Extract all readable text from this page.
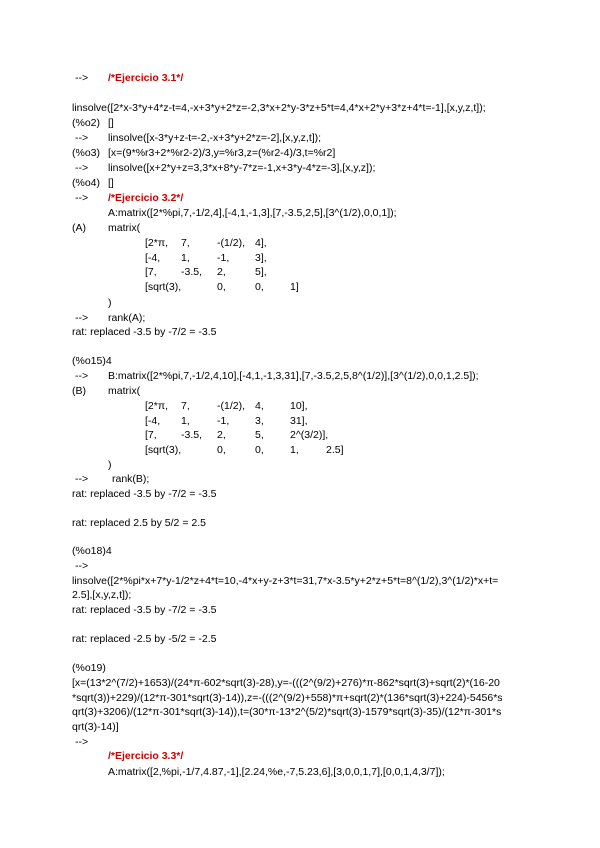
--> /*Ejercicio 3.1*/
linsolve([2*x-3*y+4*z-t=4,-x+3*y+2*z=-2,3*x+2*y-3*z+5*t=4,4*x+2*y+3*z+4*t=-1],[x,y,z,t]);
(%o2) []
--> linsolve([x-3*y+z-t=-2,-x+3*y+2*z=-2],[x,y,z,t]);
(%o3) [x=(9*%r3+2*%r2-2)/3,y=%r3,z=(%r2-4)/3,t=%r2]
--> linsolve([x+2*y+z=3,3*x+8*y-7*z=-1,x+3*y-4*z=-3],[x,y,z]);
(%o4) []
--> /*Ejercicio 3.2*/
A:matrix([2*%pi,7,-1/2,4],[-4,1,-1,3],[7,-3.5,2,5],[3^(1/2),0,0,1]);
(A) matrix(
[2*π, 7,	-(1/2), 4],
[-4, 1,	-1, 3],
[7, -3.5, 2,	5],
[sqrt(3),	0,	0, 1]
)
--> rank(A);
rat: replaced -3.5 by -7/2 = -3.5
(%o15)4
--> B:matrix([2*%pi,7,-1/2,4,10],[-4,1,-1,3,31],[7,-3.5,2,5,8^(1/2)],[3^(1/2),0,0,1,2.5]);
(B) matrix(
[2*π, 7,	-(1/2), 4, 10],
[-4, 1,	-1, 3, 31],
[7, -3.5, 2,	5, 2^(3/2)],
[sqrt(3),	0,	0, 1,	2.5]
)
--> rank(B);
rat: replaced -3.5 by -7/2 = -3.5
rat: replaced 2.5 by 5/2 = 2.5
(%o18)4
-->
linsolve([2*%pi*x+7*y-1/2*z+4*t=10,-4*x+y-z+3*t=31,7*x-3.5*y+2*z+5*t=8^(1/2),3^(1/2)*x+t=
2.5],[x,y,z,t]);
rat: replaced -3.5 by -7/2 = -3.5
rat: replaced -2.5 by -5/2 = -2.5
(%o19)
[x=(13*2^(7/2)+1653)/(24*π-602*sqrt(3)-28),y=-(((2^(9/2)+276)*π-862*sqrt(3)+sqrt(2)*(16-20
*sqrt(3))+229)/(12*π-301*sqrt(3)-14)),z=-(((2^(9/2)+558)*π+sqrt(2)*(136*sqrt(3)+224)-5456*s
qrt(3)+3206)/(12*π-301*sqrt(3)-14)),t=(30*π-13*2^(5/2)*sqrt(3)-1579*sqrt(3)-35)/(12*π-301*s
qrt(3)-14)]
-->
/*Ejercicio 3.3*/
A:matrix([2,%pi,-1/7,4.87,-1],[2.24,%e,-7,5.23,6],[3,0,0,1,7],[0,0,1,4,3/7]);
